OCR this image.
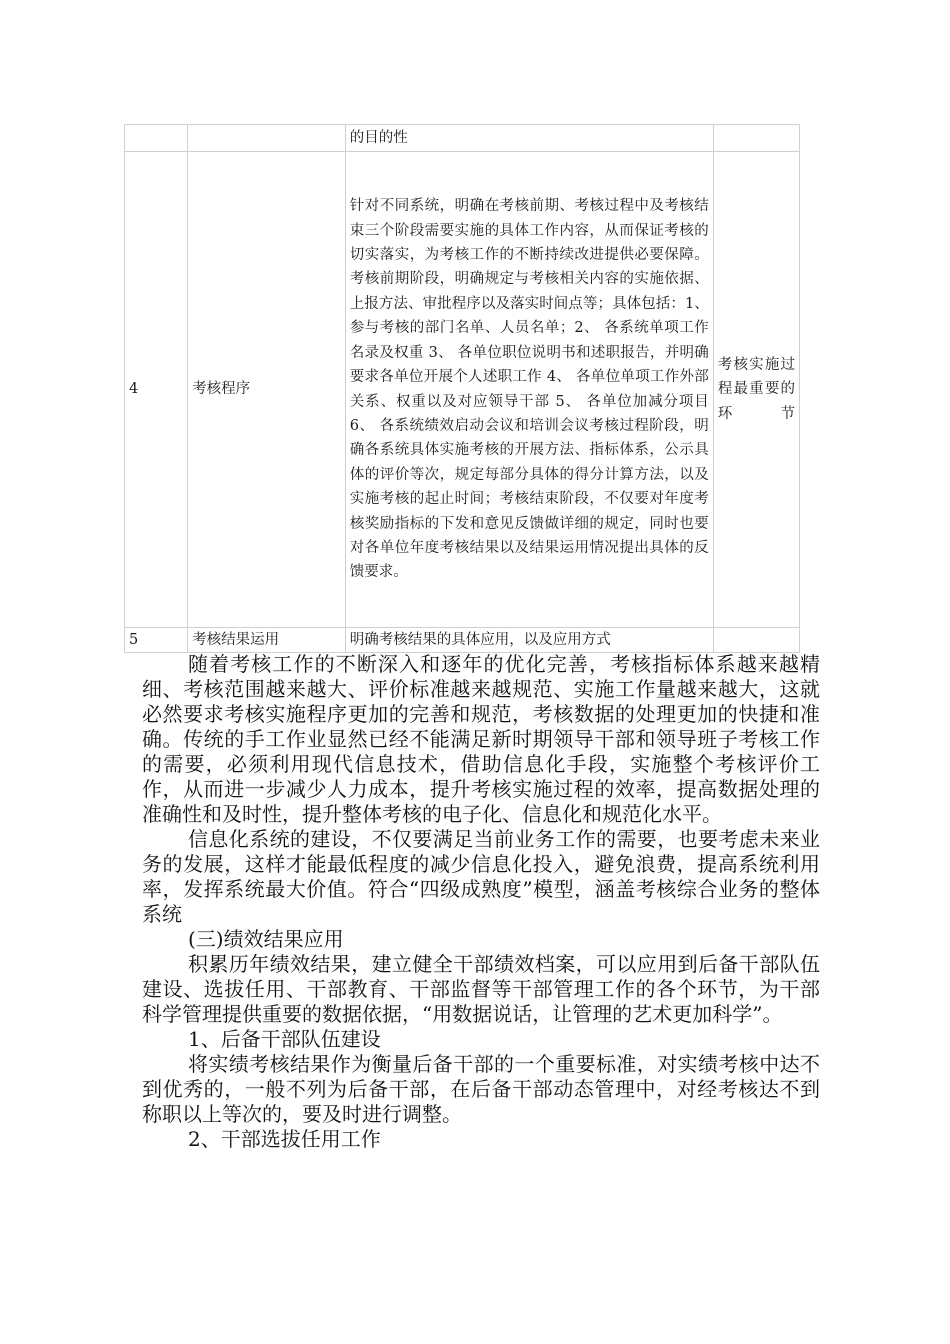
		的目的性	
4	考核程序	针对不同系统，明确在考核前期、考核过程中及考核结束三个阶段需要实施的具体工作内容，从而保证考核的切实落实，为考核工作的不断持续改进提供必要保障。考核前期阶段，明确规定与考核相关内容的实施依据、上报方法、审批程序以及落实时间点等；具体包括：1、 参与考核的部门名单、人员名单；2、 各系统单项工作名录及权重 3、 各单位职位说明书和述职报告，并明确要求各单位开展个人述职工作 4、 各单位单项工作外部关系、权重以及对应领导干部 5、 各单位加减分项目 6、 各系统绩效启动会议和培训会议考核过程阶段，明确各系统具体实施考核的开展方法、指标体系，公示具体的评价等次，规定每部分具体的得分计算方法，以及实施考核的起止时间；考核结束阶段，不仅要对年度考核奖励指标的下发和意见反馈做详细的规定，同时也要对各单位年度考核结果以及结果运用情况提出具体的反馈要求。	考核实施过程最重要的环节
5	考核结果运用	明确考核结果的具体应用，以及应用方式	

随着考核工作的不断深入和逐年的优化完善，考核指标体系越来越精细、考核范围越来越大、评价标准越来越规范、实施工作量越来越大，这就必然要求考核实施程序更加的完善和规范，考核数据的处理更加的快捷和准确。传统的手工作业显然已经不能满足新时期领导干部和领导班子考核工作的需要，必须利用现代信息技术，借助信息化手段，实施整个考核评价工作，从而进一步减少人力成本，提升考核实施过程的效率，提高数据处理的准确性和及时性，提升整体考核的电子化、信息化和规范化水平。

信息化系统的建设，不仅要满足当前业务工作的需要，也要考虑未来业务的发展，这样才能最低程度的减少信息化投入，避免浪费，提高系统利用率，发挥系统最大价值。符合“四级成熟度”模型，涵盖考核综合业务的整体系统

(三)绩效结果应用

积累历年绩效结果，建立健全干部绩效档案，可以应用到后备干部队伍建设、选拔任用、干部教育、干部监督等干部管理工作的各个环节，为干部科学管理提供重要的数据依据，“用数据说话，让管理的艺术更加科学”。

1、后备干部队伍建设

将实绩考核结果作为衡量后备干部的一个重要标准，对实绩考核中达不到优秀的，一般不列为后备干部，在后备干部动态管理中，对经考核达不到称职以上等次的，要及时进行调整。

2、干部选拔任用工作
